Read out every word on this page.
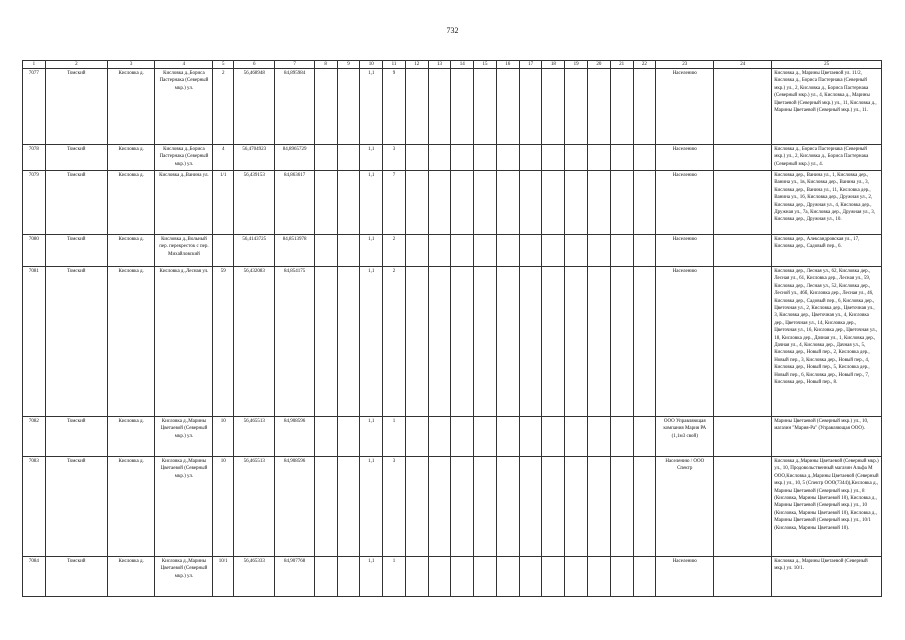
732
1	2	3	4	5	6	7	8	9	10	11	12	13	14	15	16	17	18	19	20	21	22	23	24	25
7077	Томский	Кисловка д.	Кисловка д.,Бориса Пастернака (Северный мкр.) ул.	2	56,468948	84,895984			1,1	9												Населению		Кисловка д., Марины Цветаевой ул. 11/2, Кисловка д., Бориса Пастернака (Северный мкр.) ул., 2, Кисловка д., Бориса Пастернака (Северный мкр.) ул., 4, Кисловка д., Марины Цветаевой (Северный мкр.) ул., 11, Кисловка д., Марины Цветаевой (Северный мкр.) ул., 11.
7078	Томский	Кисловка д.	Кисловка д.,Бориса Пастернака (Северный мкр.) ул.	4	56,4704923	84,8965729			1,1	3												Населению		Кисловка д., Бориса Пастернака (Северный мкр.) ул., 2, Кисловка д., Бориса Пастернака (Северный мкр.) ул., 4.
7079	Томский	Кисловка д.	Кисловка д.,Ванина ул.	1/1	56,439153	84,863617			1,1	7												Населению		Кисловка дер., Ванина ул., 1, Кисловка дер., Ванина ул., 1в, Кисловка дер., Ванина ул., 3, Кисловка дер., Ванина ул., 11, Кисловка дер., Ванина ул., 16, Кисловка дер., Дружная ул., 2, Кисловка дер., Дружная ул., 4, Кисловка дер., Дружная ул., 7а, Кисловка дер., Дружная ул., 3, Кисловка дер., Дружная ул., 10.
7080	Томский	Кисловка д.	Кисловка д.,Вольный пер. перекресток с пер. Михайловский		56,4143725	84,8513978			1,1	2												Населению		Кисловка дер., Александровская ул., 17, Кисловка дер., Садовый пер., 6.
7081	Томский	Кисловка д.	Кисловка д.,Лесная ул.	59	56,432083	84,854175			1,1	2												Населению		Кисловка дер., Лесная ул., 62, Кисловка дер., Лесная ул., 61, Кисловка дер., Лесная ул., 59, Кисловка дер., Лесная ул., 52, Кисловка дер., Лесной ул., 46б, Кисловка дер., Лесная ул., 46, Кисловка дер., Садовый пер., 6, Кисловка дер., Цветочная ул., 2, Кисловка дер., Цветочная ул., 3, Кисловка дер., Цветочная ул., 4, Кисловка дер., Цветочная ул., 14, Кисловка дер., Цветочная ул., 16, Кисловка дер., Цветочная ул., 18, Кисловка дер., Дачная ул., 1, Кисловка дер., Дачная ул., 4, Кисловка дер., Дачная ул., 5, Кисловка дер., Новый пер., 2, Кисловка дер., Новый пер., 3, Кисловка дер., Новый пер., 4, Кисловка дер., Новый пер., 5, Кисловка дер., Новый пер., 6, Кисловка дер., Новый пер., 7, Кисловка дер., Новый пер., 8.
7082	Томский	Кисловка д.	Кисловка д.,Марины Цветаевой (Северный мкр.) ул.	10	56,465513	84,908596			1,1	1												ООО Управляющая компания Мария РА (1,1м3 свой)		Марины Цветаевой (Северный мкр.) ул., 10, магазин "Мария-Ра" (Управляющая ООО).
7083	Томский	Кисловка д.	Кисловка д.,Марины Цветаевой (Северный мкр.) ул.	10	56,465513	84,908596			1,1	3												Населению / ООО Спектр		Кисловка д.,Марины Цветаевой (Северный мкр.) ул., 10, Продовольственный магазин Альфа М ООО,Кисловка д.,Марины Цветаевой (Северный мкр.) ул., 10, 5 (Спектр ООО(7344)),Кисловка д., Марины Цветаевой (Северный мкр.) ул., 8 (Кисловка, Марины Цветаевой 10), Кисловка д., Марины Цветаевой (Северный мкр.) ул., 10 (Кисловка, Марины Цветаевой 10), Кисловка д., Марины Цветаевой (Северный мкр.) ул., 10/1 (Кисловка, Марины Цветаевой 10).
7084	Томский	Кисловка д.	Кисловка д.,Марины Цветаевой (Северный мкр.) ул.	10/1	56,465333	84,907768			1,1	1												Населению		Кисловка д., Марины Цветаевой (Северный мкр.) ул. 10/1.
